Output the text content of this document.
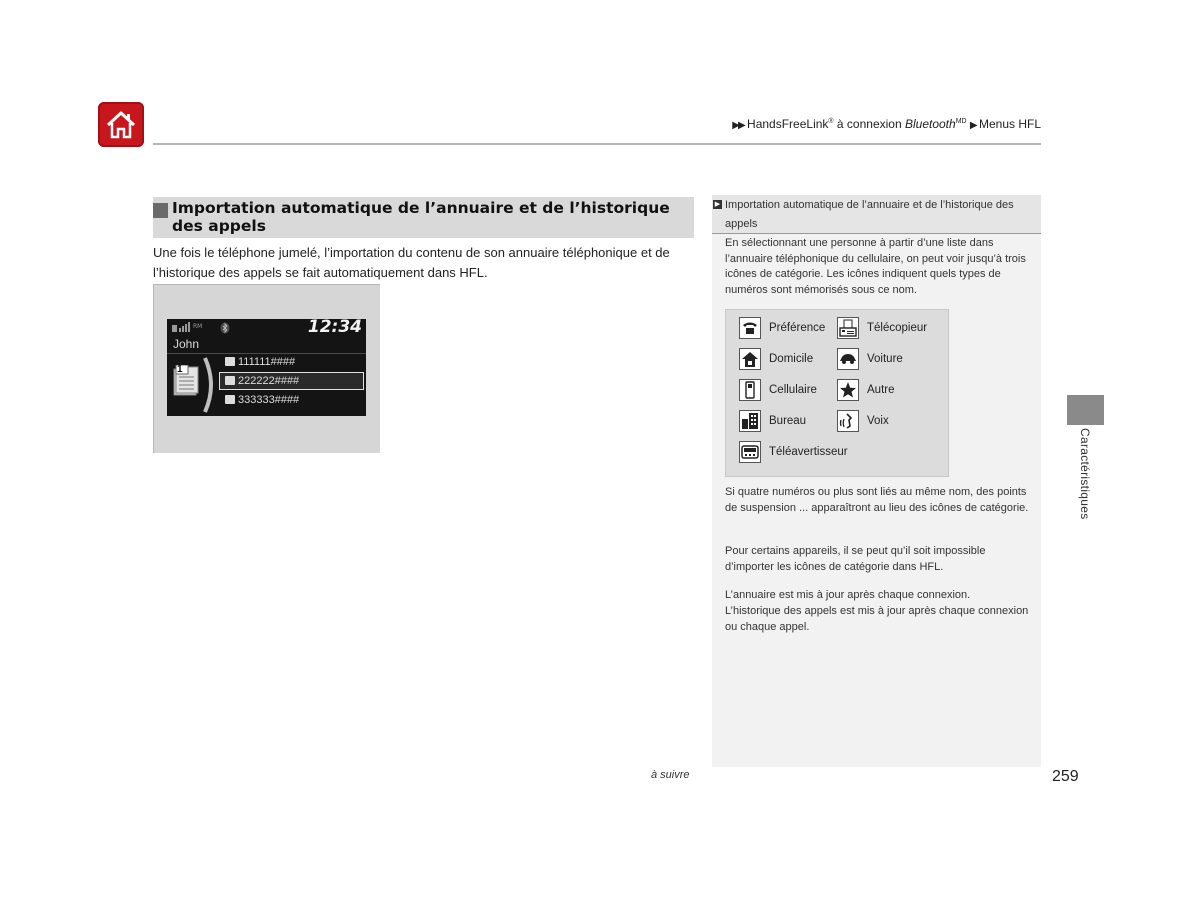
▶▶ HandsFreeLink® à connexion Bluetooth$^{MD}$ ▶ Menus HFL
Importation automatique de l’annuaire et de l’historique des appels
Une fois le téléphone jumelé, l’importation du contenu de son annuaire téléphonique et de l’historique des appels se fait automatiquement dans HFL.
RM	12:34
John
1
111111####
222222####
333333####
▶ Importation automatique de l’annuaire et de l’historique des appels
En sélectionnant une personne à partir d’une liste dans l’annuaire téléphonique du cellulaire, on peut voir jusqu’à trois icônes de catégorie. Les icônes indiquent quels types de numéros sont mémorisés sous ce nom.
Préférence
Domicile
Cellulaire
Bureau
Téléavertisseur
Télécopieur
Voiture
Autre
Voix
Si quatre numéros ou plus sont liés au même nom, des points de suspension ... apparaîtront au lieu des icônes de catégorie.
Pour certains appareils, il se peut qu’il soit impossible d’importer les icônes de catégorie dans HFL.
L’annuaire est mis à jour après chaque connexion.
L’historique des appels est mis à jour après chaque connexion ou chaque appel.
Caractéristiques
à suivre	259
